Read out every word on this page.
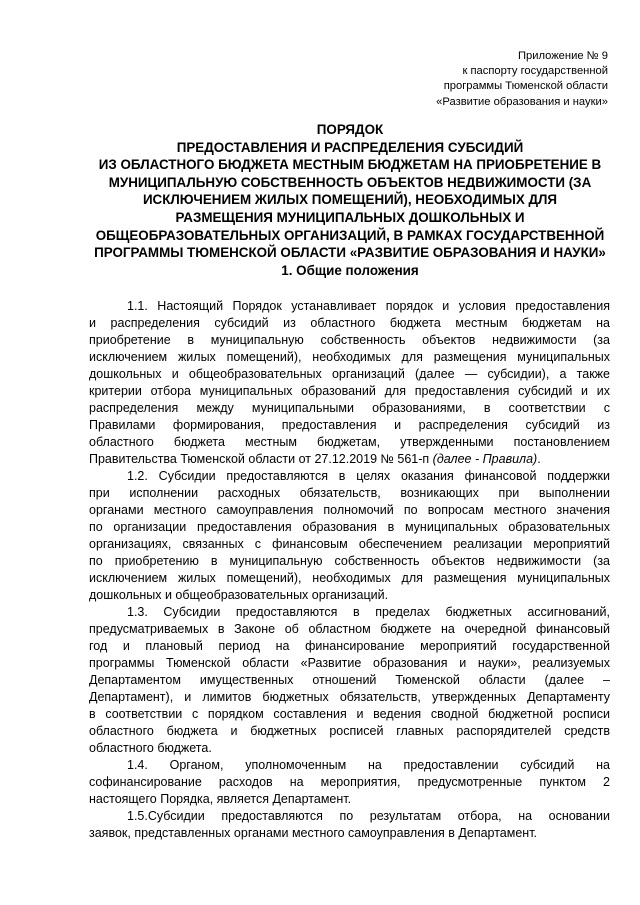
Приложение № 9
к паспорту государственной
программы Тюменской области
«Развитие образования и науки»
ПОРЯДОК
ПРЕДОСТАВЛЕНИЯ И РАСПРЕДЕЛЕНИЯ СУБСИДИЙ
ИЗ ОБЛАСТНОГО БЮДЖЕТА МЕСТНЫМ БЮДЖЕТАМ НА ПРИОБРЕТЕНИЕ В
МУНИЦИПАЛЬНУЮ СОБСТВЕННОСТЬ ОБЪЕКТОВ НЕДВИЖИМОСТИ (ЗА
ИСКЛЮЧЕНИЕМ ЖИЛЫХ ПОМЕЩЕНИЙ), НЕОБХОДИМЫХ ДЛЯ
РАЗМЕЩЕНИЯ МУНИЦИПАЛЬНЫХ ДОШКОЛЬНЫХ И
ОБЩЕОБРАЗОВАТЕЛЬНЫХ ОРГАНИЗАЦИЙ, В РАМКАХ ГОСУДАРСТВЕННОЙ
ПРОГРАММЫ ТЮМЕНСКОЙ ОБЛАСТИ «РАЗВИТИЕ ОБРАЗОВАНИЯ И НАУКИ»
1. Общие положения
1.1. Настоящий Порядок устанавливает порядок и условия предоставления
и распределения субсидий из областного бюджета местным бюджетам на
приобретение в муниципальную собственность объектов недвижимости (за
исключением жилых помещений), необходимых для размещения муниципальных
дошкольных и общеобразовательных организаций (далее — субсидии), а также
критерии отбора муниципальных образований для предоставления субсидий и их
распределения между муниципальными образованиями, в соответствии с
Правилами формирования, предоставления и распределения субсидий из
областного бюджета местным бюджетам, утвержденными постановлением
Правительства Тюменской области от 27.12.2019 № 561-п (далее - Правила).
1.2. Субсидии предоставляются в целях оказания финансовой поддержки
при исполнении расходных обязательств, возникающих при выполнении
органами местного самоуправления полномочий по вопросам местного значения
по организации предоставления образования в муниципальных образовательных
организациях, связанных с финансовым обеспечением реализации мероприятий
по приобретению в муниципальную собственность объектов недвижимости (за
исключением жилых помещений), необходимых для размещения муниципальных
дошкольных и общеобразовательных организаций.
1.3. Субсидии предоставляются в пределах бюджетных ассигнований,
предусматриваемых в Законе об областном бюджете на очередной финансовый
год и плановый период на финансирование мероприятий государственной
программы Тюменской области «Развитие образования и науки», реализуемых
Департаментом имущественных отношений Тюменской области (далее –
Департамент), и лимитов бюджетных обязательств, утвержденных Департаменту
в соответствии с порядком составления и ведения сводной бюджетной росписи
областного бюджета и бюджетных росписей главных распорядителей средств
областного бюджета.
1.4. Органом, уполномоченным на предоставлении субсидий на
софинансирование расходов на мероприятия, предусмотренные пунктом 2
настоящего Порядка, является Департамент.
1.5.Субсидии предоставляются по результатам отбора, на основании
заявок, представленных органами местного самоуправления в Департамент.
